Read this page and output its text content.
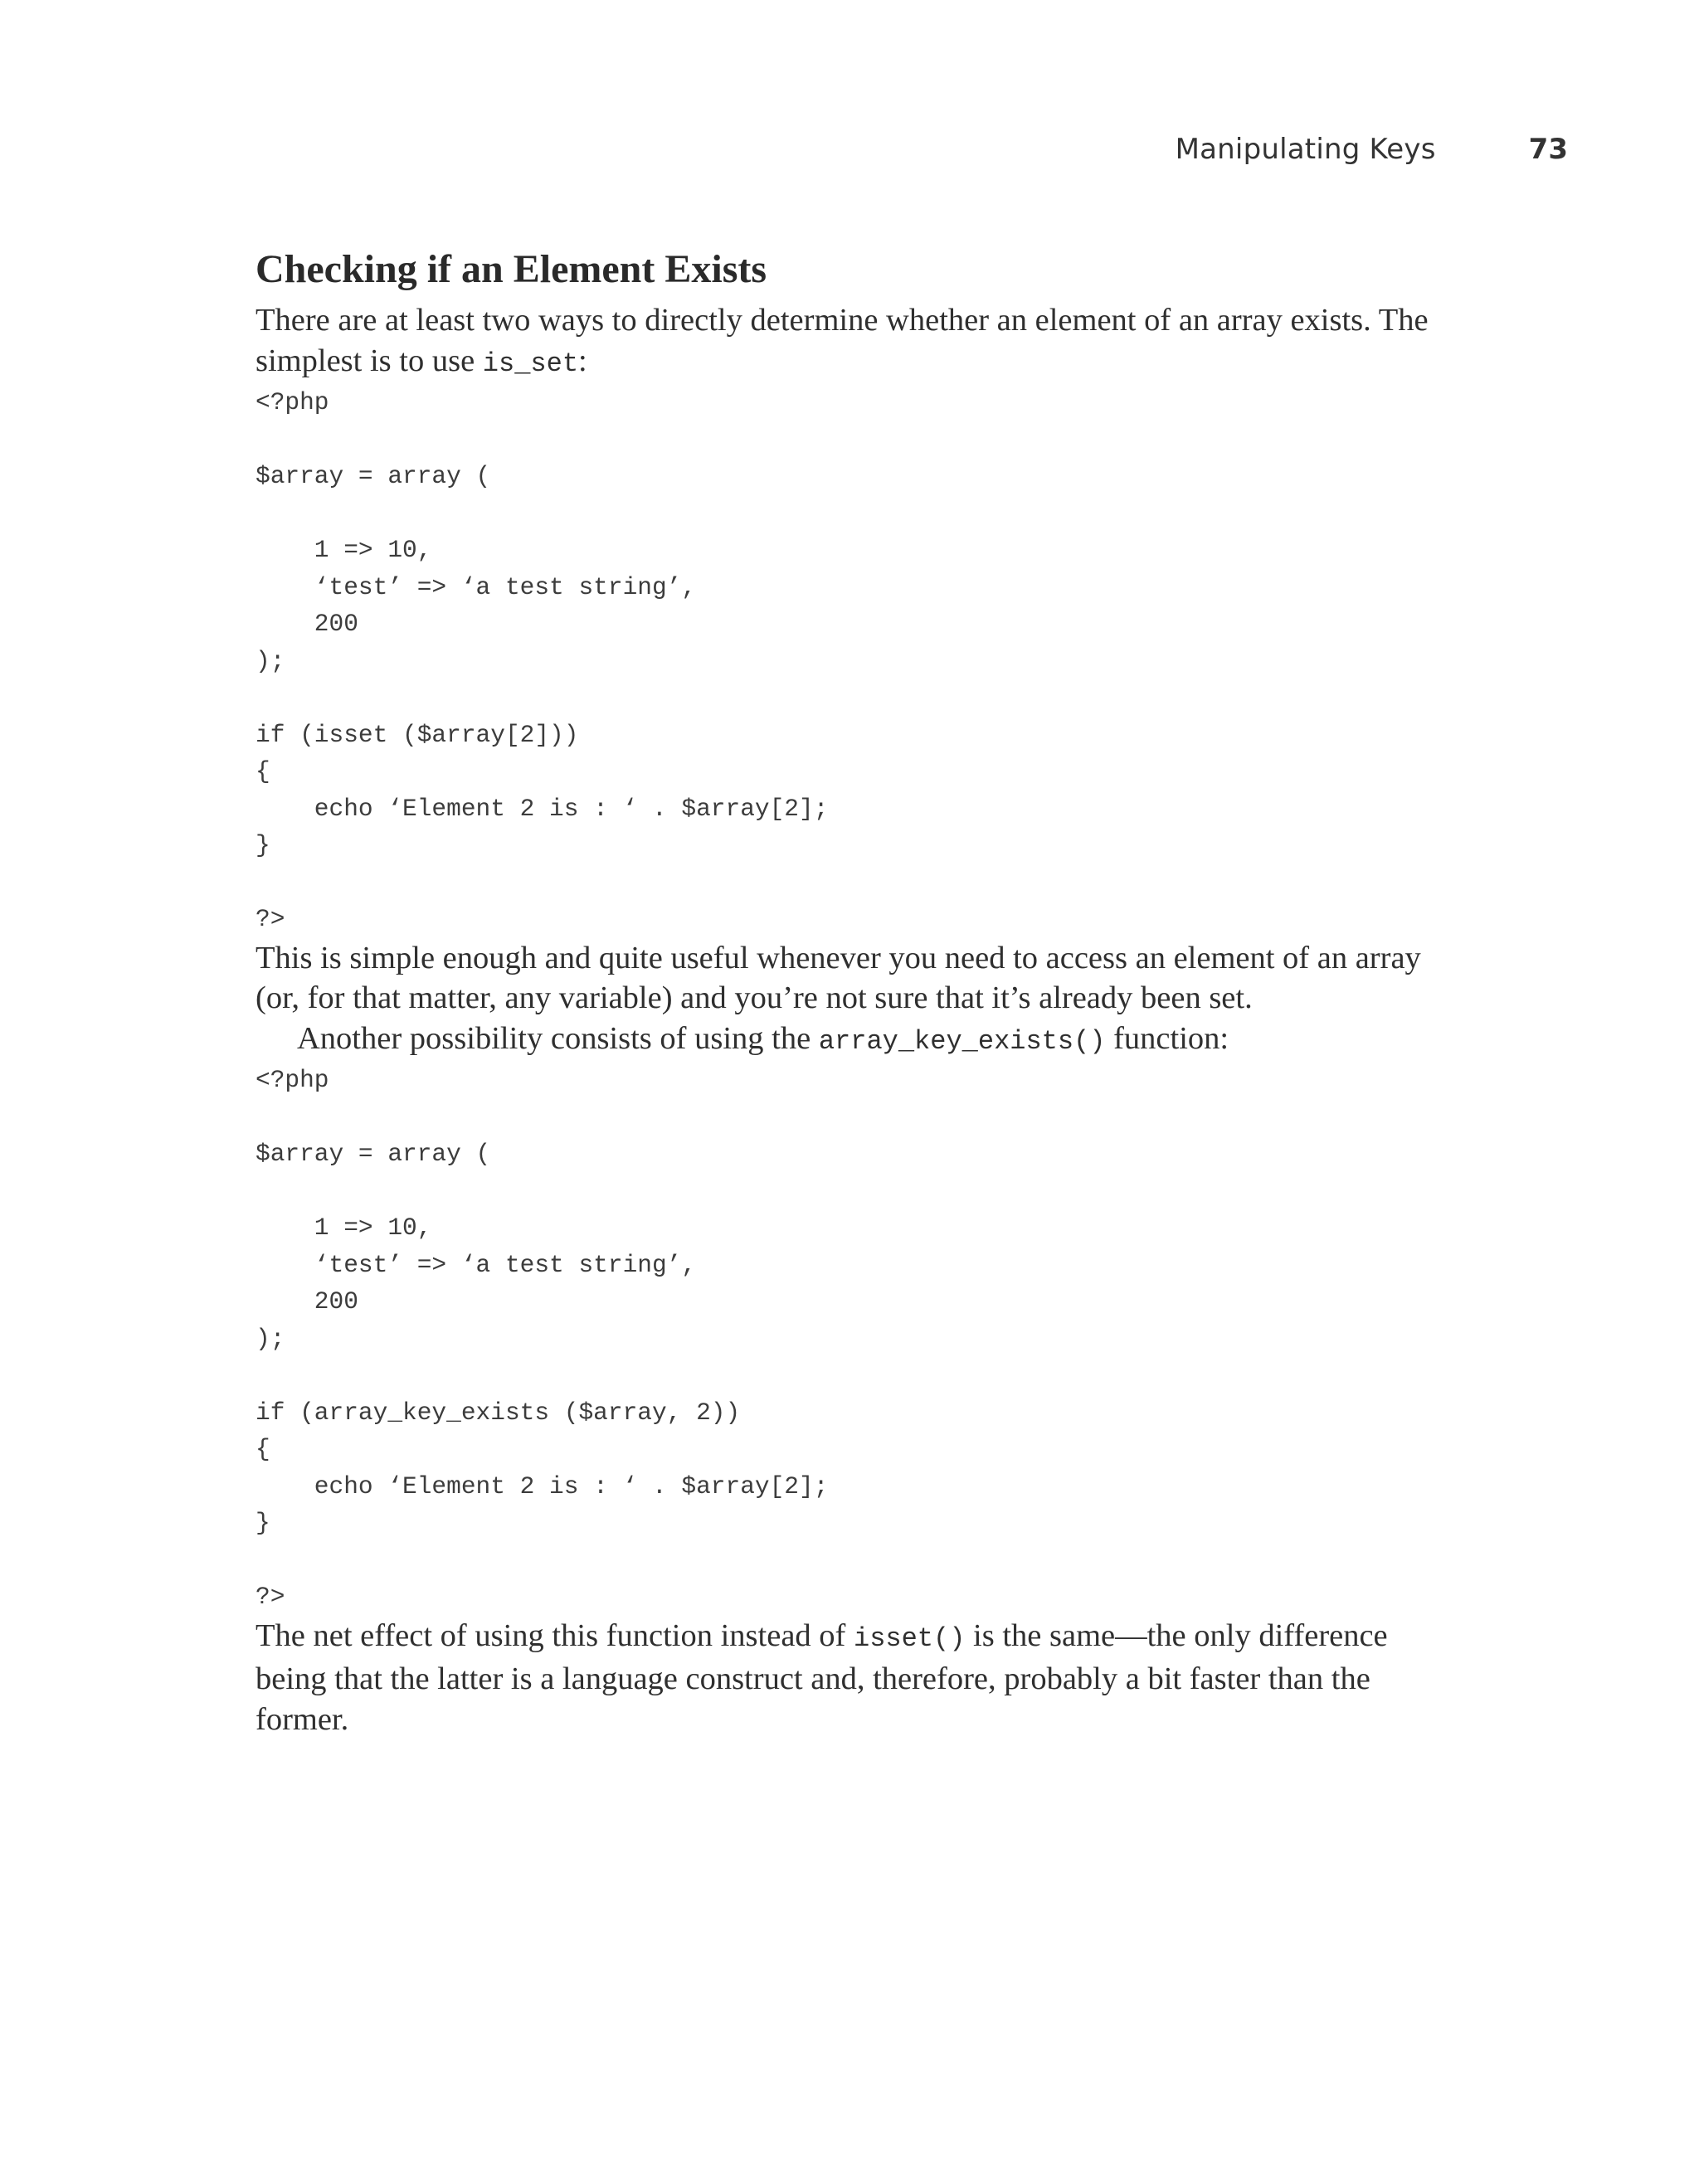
Manipulating Keys	73
Checking if an Element Exists

There are at least two ways to directly determine whether an element of an array exists. The simplest is to use is_set:

<?php

$array = array (

1 => 10,
‘test’ => ‘a test string’,
200
);

if (isset ($array[2]))
{
echo ‘Element 2 is : ‘ . $array[2];
}

?>

This is simple enough and quite useful whenever you need to access an element of an array (or, for that matter, any variable) and you’re not sure that it’s already been set.

Another possibility consists of using the array_key_exists() function:

<?php

$array = array (

1 => 10,
‘test’ => ‘a test string’,
200
);

if (array_key_exists ($array, 2))
{
echo ‘Element 2 is : ‘ . $array[2];
}

?>

The net effect of using this function instead of isset() is the same—the only difference being that the latter is a language construct and, therefore, probably a bit faster than the former.
